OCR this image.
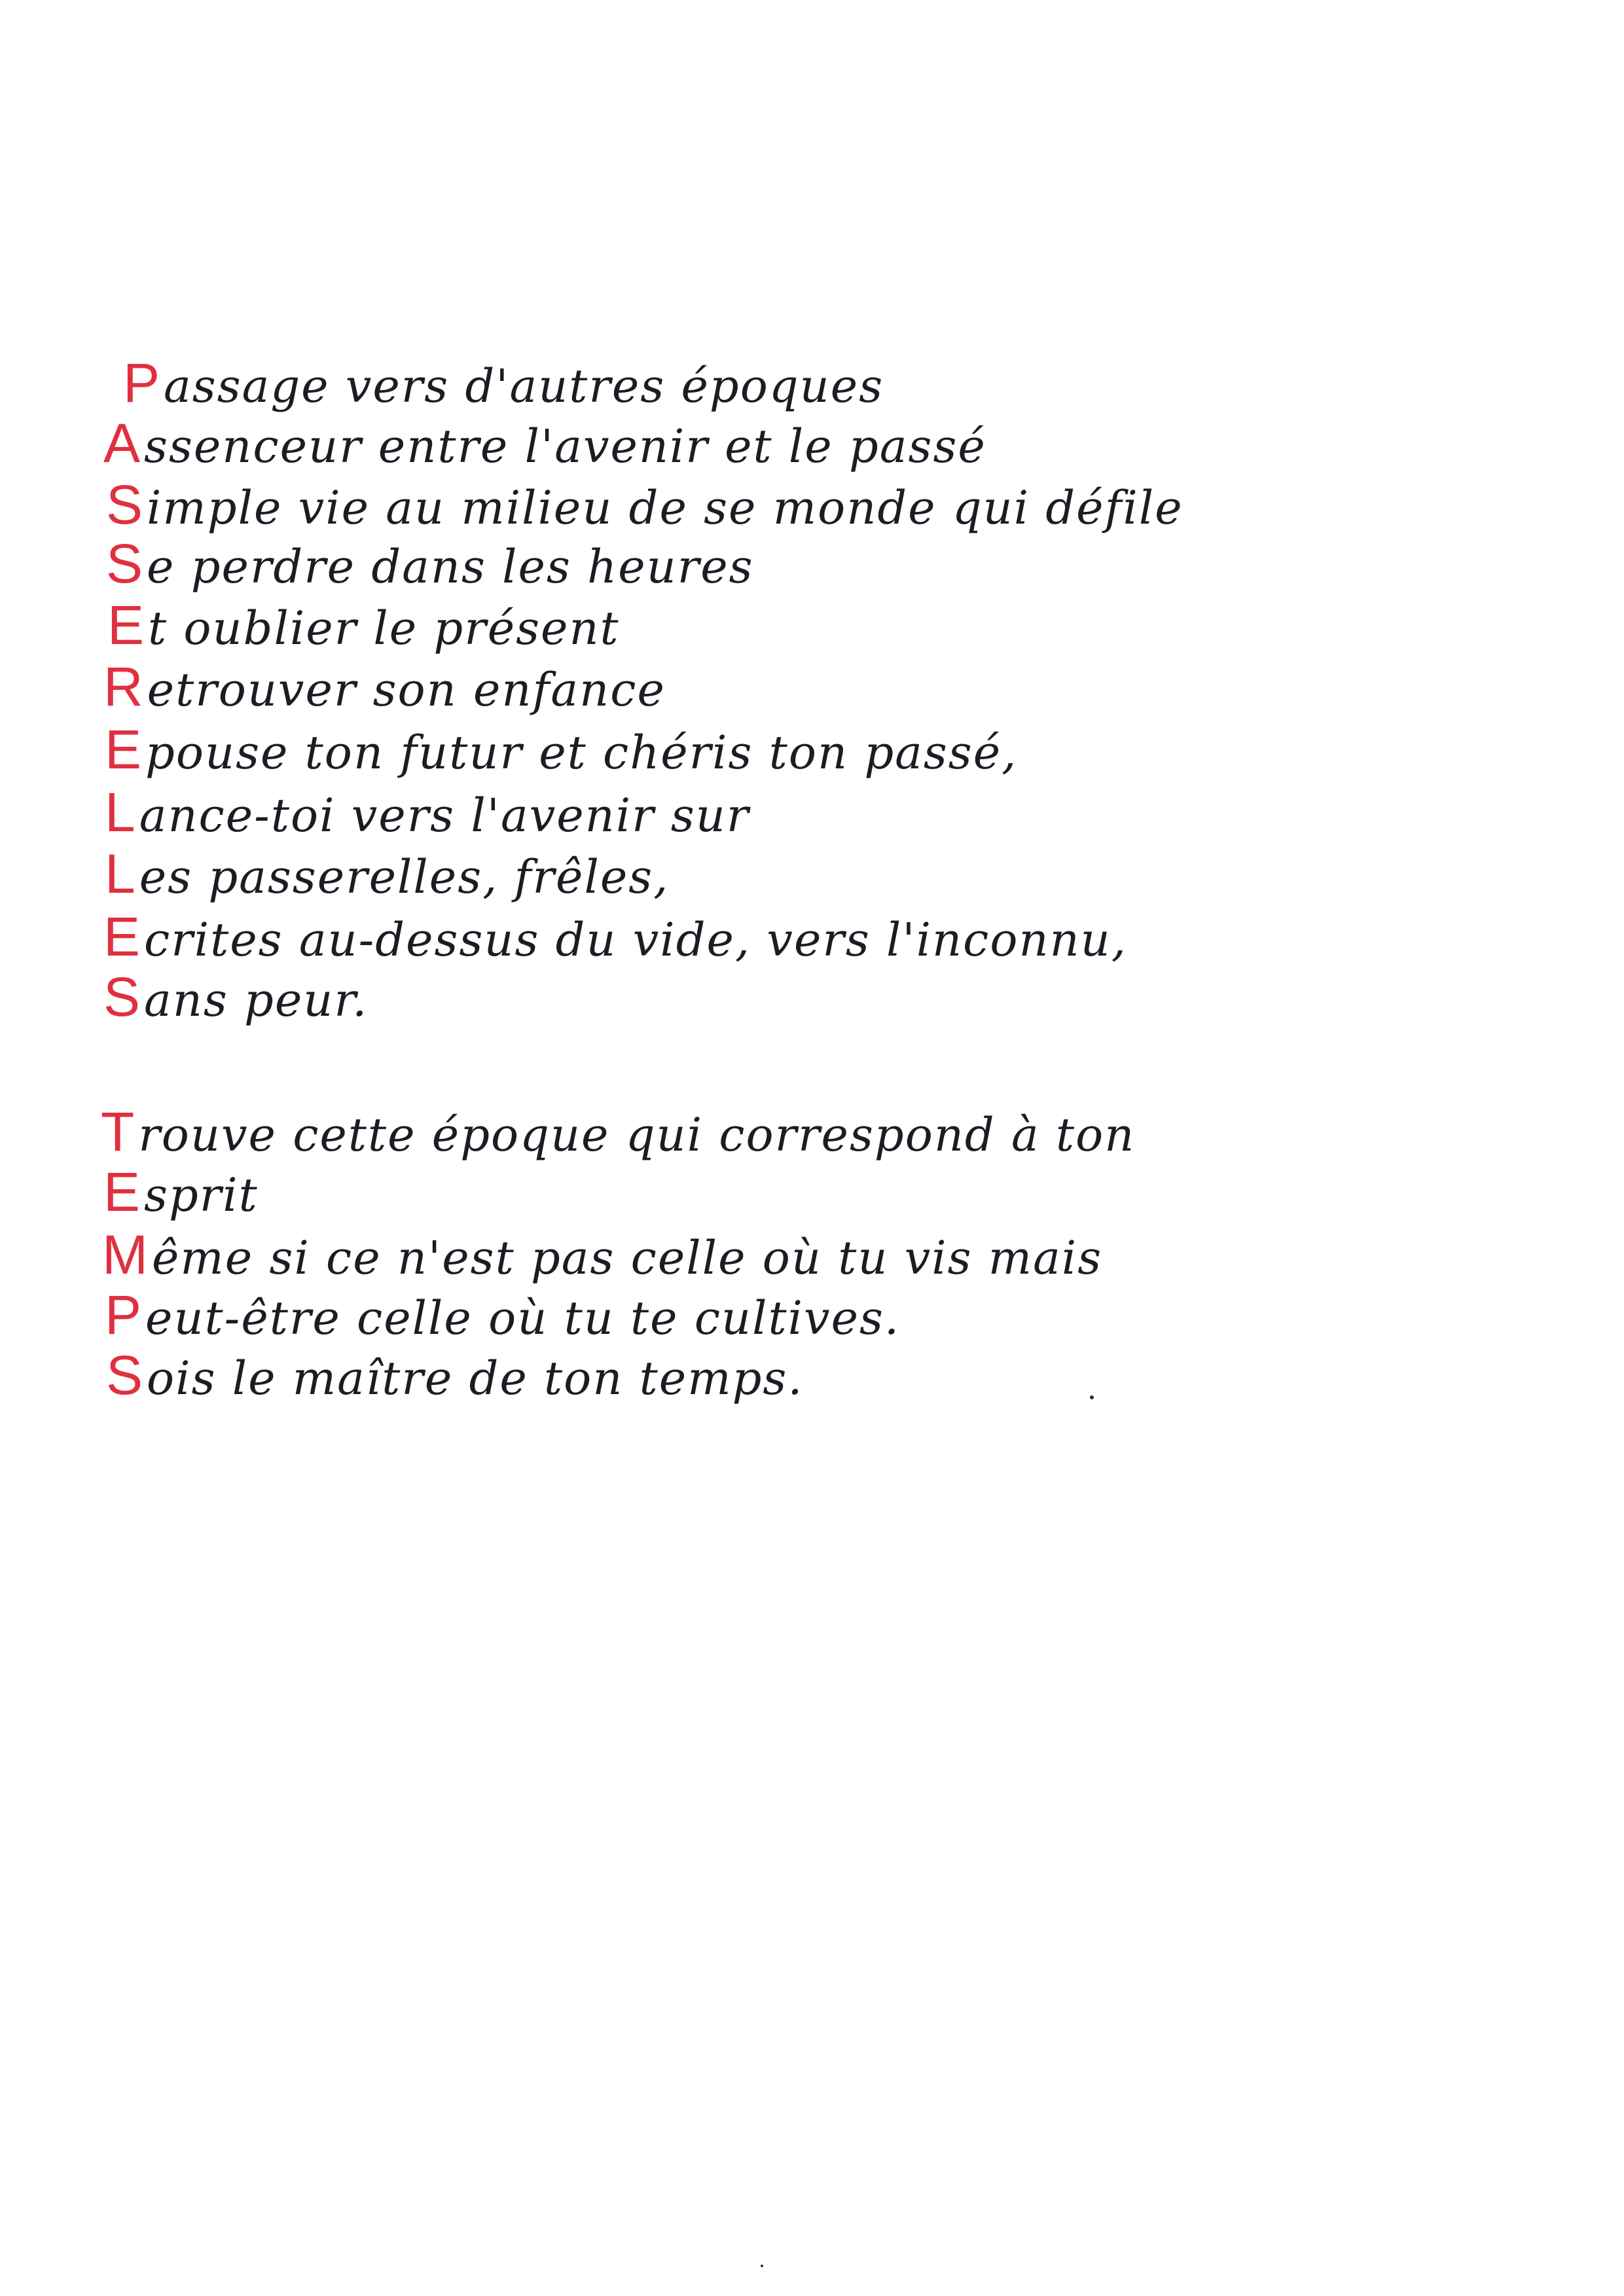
Passage vers d'autres époques
Assenceur entre l'avenir et le passé
Simple vie au milieu de se monde qui défile
Se perdre dans les heures
Et oublier le présent
Retrouver son enfance
Epouse ton futur et chéris ton passé,
Lance-toi vers l'avenir sur
Les passerelles, frêles,
Ecrites au-dessus du vide, vers l'inconnu,
Sans peur.
Trouve cette époque qui correspond à ton
Esprit
Même si ce n'est pas celle où tu vis mais
Peut-être celle où tu te cultives.
Sois le maître de ton temps.
